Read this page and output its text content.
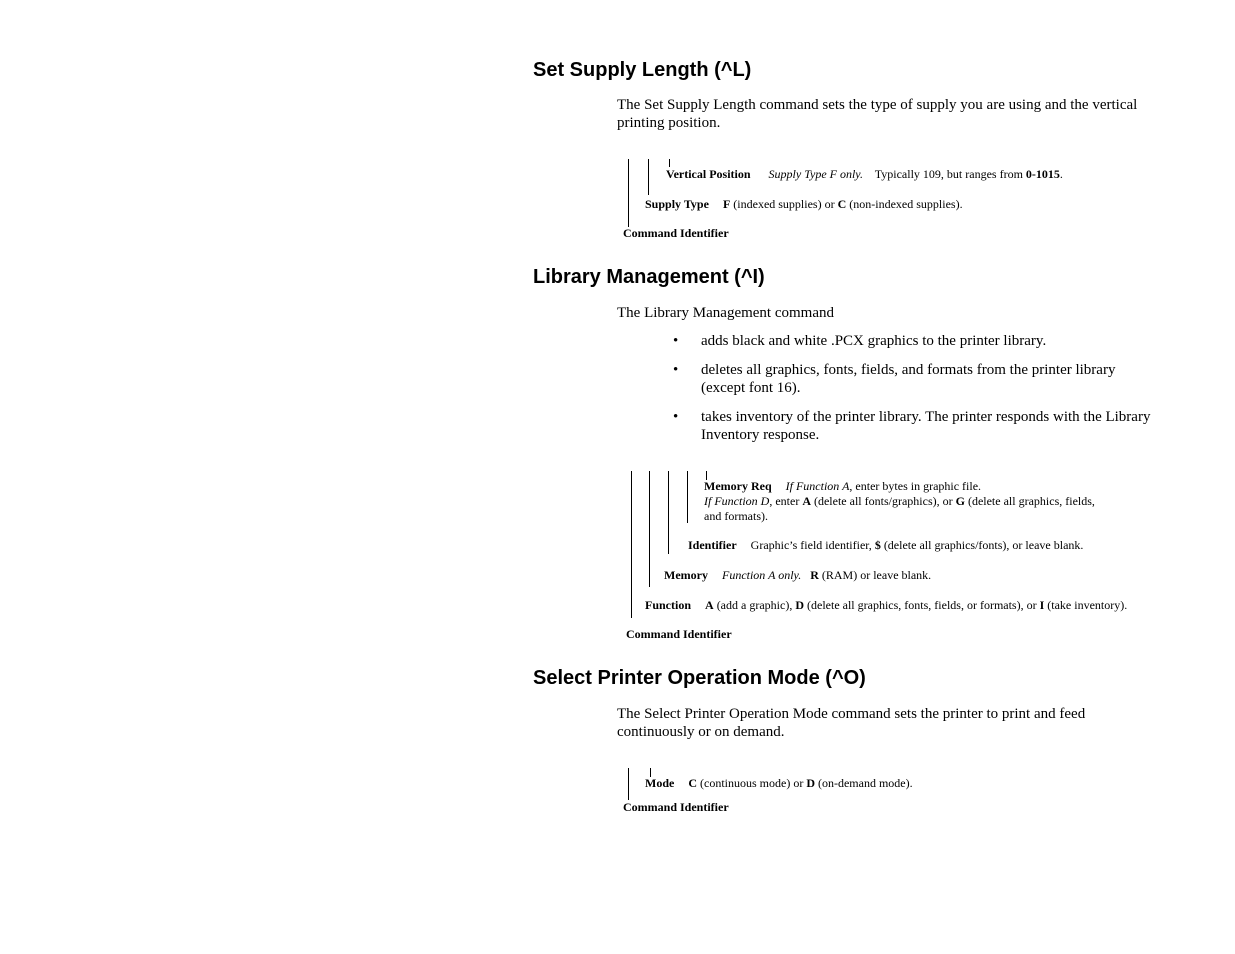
Set Supply Length (^L)
The Set Supply Length command sets the type of supply you are using and the vertical printing position.
Vertical Position Supply Type F only. Typically 109, but ranges from 0-1015.
Supply Type F (indexed supplies) or C (non-indexed supplies).
Command Identifier
Library Management (^I)
The Library Management command
• adds black and white .PCX graphics to the printer library.
• deletes all graphics, fonts, fields, and formats from the printer library (except font 16).
• takes inventory of the printer library. The printer responds with the Library Inventory response.
Memory Req If Function A, enter bytes in graphic file.
If Function D, enter A (delete all fonts/graphics), or G (delete all graphics, fields,
and formats).
Identifier Graphic’s field identifier, $ (delete all graphics/fonts), or leave blank.
Memory Function A only. R (RAM) or leave blank.
Function A (add a graphic), D (delete all graphics, fonts, fields, or formats), or I (take inventory).
Command Identifier
Select Printer Operation Mode (^O)
The Select Printer Operation Mode command sets the printer to print and feed continuously or on demand.
Mode C (continuous mode) or D (on-demand mode).
Command Identifier
